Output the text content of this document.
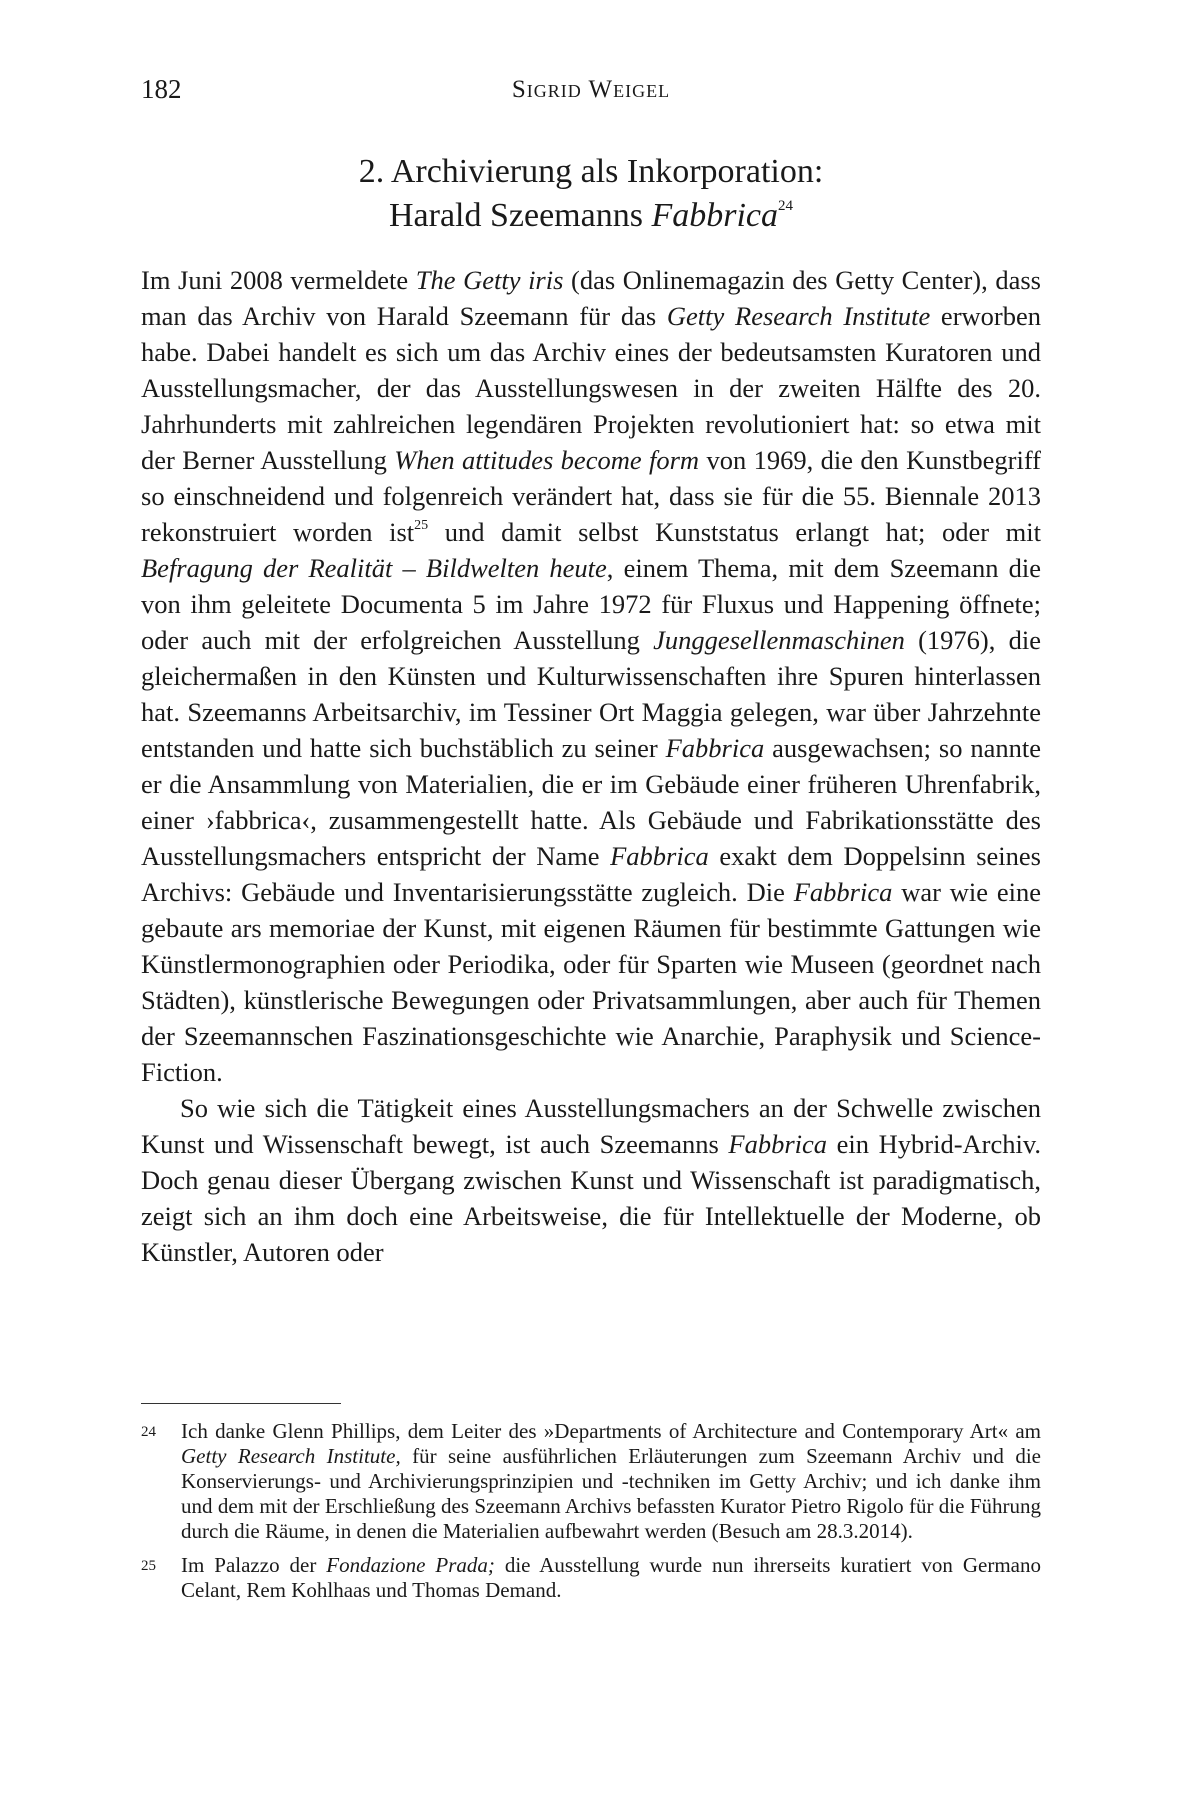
182	Sigrid Weigel
2. Archivierung als Inkorporation:
Harald Szeemanns Fabbrica$^{24}$

Im Juni 2008 vermeldete The Getty iris (das Onlinemagazin des Getty Center), dass man das Archiv von Harald Szeemann für das Getty Research Institute erworben habe. Dabei handelt es sich um das Archiv eines der bedeutsamsten Kuratoren und Ausstellungsmacher, der das Ausstellungswesen in der zweiten Hälfte des 20. Jahrhunderts mit zahlreichen legendären Projekten revolutioniert hat: so etwa mit der Berner Ausstellung When attitudes become form von 1969, die den Kunstbegriff so einschneidend und folgenreich verändert hat, dass sie für die 55. Biennale 2013 rekonstruiert worden ist$^{25}$ und damit selbst Kunststatus erlangt hat; oder mit Befragung der Realität – Bildwelten heute, einem Thema, mit dem Szeemann die von ihm geleitete Documenta 5 im Jahre 1972 für Fluxus und Happening öffnete; oder auch mit der erfolgreichen Ausstellung Junggesellenmaschinen (1976), die gleichermaßen in den Künsten und Kulturwissenschaften ihre Spuren hinterlassen hat. Szeemanns Arbeitsarchiv, im Tessiner Ort Maggia gelegen, war über Jahrzehnte entstanden und hatte sich buchstäblich zu seiner Fabbrica ausgewachsen; so nannte er die Ansammlung von Materialien, die er im Gebäude einer früheren Uhrenfabrik, einer ›fabbrica‹, zusammengestellt hatte. Als Gebäude und Fabrikationsstätte des Ausstellungsmachers entspricht der Name Fabbrica exakt dem Doppelsinn seines Archivs: Gebäude und Inventarisierungsstätte zugleich. Die Fabbrica war wie eine gebaute ars memoriae der Kunst, mit eigenen Räumen für bestimmte Gattungen wie Künstlermonographien oder Periodika, oder für Sparten wie Museen (geordnet nach Städten), künstlerische Bewegungen oder Privatsammlungen, aber auch für Themen der Szeemannschen Faszinationsgeschichte wie Anarchie, Paraphysik und Science-Fiction.

So wie sich die Tätigkeit eines Ausstellungsmachers an der Schwelle zwischen Kunst und Wissenschaft bewegt, ist auch Szeemanns Fabbrica ein Hybrid-Archiv. Doch genau dieser Übergang zwischen Kunst und Wissenschaft ist paradigmatisch, zeigt sich an ihm doch eine Arbeitsweise, die für Intellektuelle der Moderne, ob Künstler, Autoren oder

24 Ich danke Glenn Phillips, dem Leiter des »Departments of Architecture and Contemporary Art« am Getty Research Institute, für seine ausführlichen Erläuterungen zum Szeemann Archiv und die Konservierungs- und Archivierungsprinzipien und -techniken im Getty Archiv; und ich danke ihm und dem mit der Erschließung des Szeemann Archivs befassten Kurator Pietro Rigolo für die Führung durch die Räume, in denen die Materialien aufbewahrt werden (Besuch am 28.3.2014).
25 Im Palazzo der Fondazione Prada; die Ausstellung wurde nun ihrerseits kuratiert von Germano Celant, Rem Kohlhaas und Thomas Demand.
